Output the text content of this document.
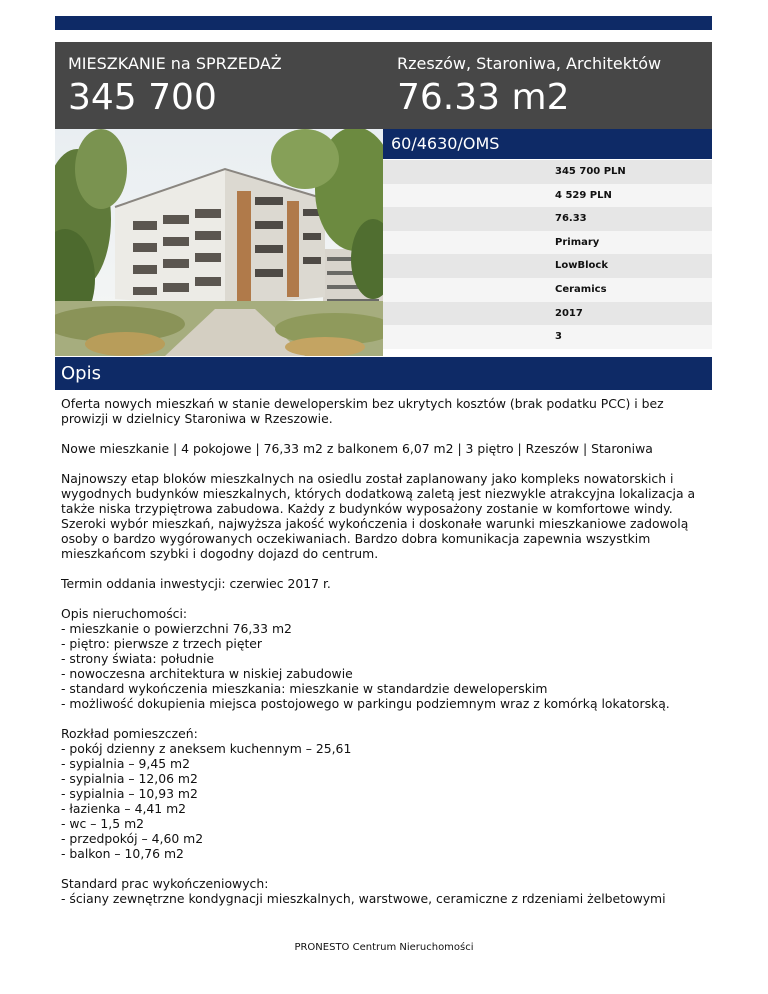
MIESZKANIE na SPRZEDAŻ
345 700
Rzeszów, Staroniwa, Architektów
76.33 m2
60/4630/OMS
345 700 PLN
4 529 PLN
76.33
Primary
LowBlock
Ceramics
2017
3
Opis

Oferta nowych mieszkań w stanie deweloperskim bez ukrytych kosztów (brak podatku PCC) i bez prowizji w dzielnicy Staroniwa w Rzeszowie.

Nowe mieszkanie | 4 pokojowe | 76,33 m2 z balkonem 6,07 m2 | 3 piętro | Rzeszów | Staroniwa

Najnowszy etap bloków mieszkalnych na osiedlu został zaplanowany jako kompleks nowatorskich i wygodnych budynków mieszkalnych, których dodatkową zaletą jest niezwykle atrakcyjna lokalizacja a także niska trzypiętrowa zabudowa. Każdy z budynków wyposażony zostanie w komfortowe windy. Szeroki wybór mieszkań, najwyższa jakość wykończenia i doskonałe warunki mieszkaniowe zadowolą osoby o bardzo wygórowanych oczekiwaniach. Bardzo dobra komunikacja zapewnia wszystkim mieszkańcom szybki i dogodny dojazd do centrum.

Termin oddania inwestycji: czerwiec 2017 r.

Opis nieruchomości:
- mieszkanie o powierzchni 76,33 m2
- piętro: pierwsze z trzech pięter
- strony świata: południe
- nowoczesna architektura w niskiej zabudowie
- standard wykończenia mieszkania: mieszkanie w standardzie deweloperskim
- możliwość dokupienia miejsca postojowego w parkingu podziemnym wraz z komórką lokatorską.

Rozkład pomieszczeń:
- pokój dzienny z aneksem kuchennym – 25,61
- sypialnia – 9,45 m2
- sypialnia – 12,06 m2
- sypialnia – 10,93 m2
- łazienka – 4,41 m2
- wc – 1,5 m2
- przedpokój – 4,60 m2
- balkon – 10,76 m2

Standard prac wykończeniowych:
- ściany zewnętrzne kondygnacji mieszkalnych, warstwowe, ceramiczne z rdzeniami żelbetowymi

PRONESTO Centrum Nieruchomości
